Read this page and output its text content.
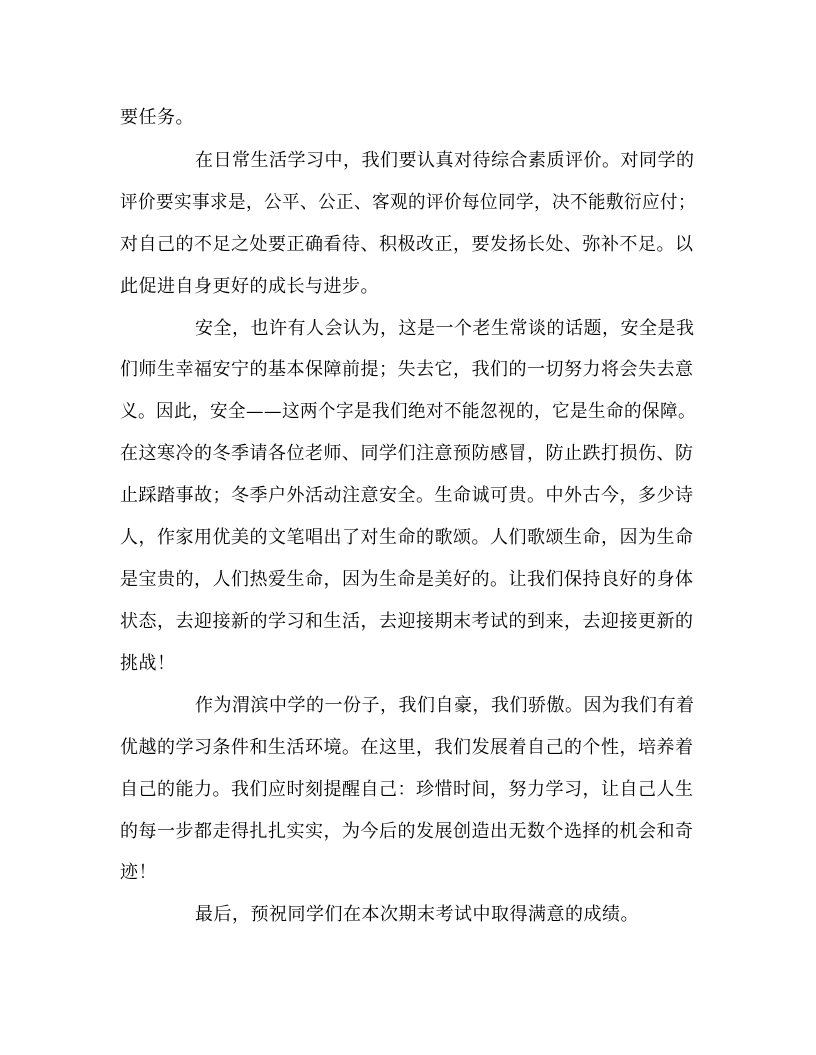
要任务。
在日常生活学习中，我们要认真对待综合素质评价。对同学的
评价要实事求是，公平、公正、客观的评价每位同学，决不能敷衍应付；
对自己的不足之处要正确看待、积极改正，要发扬长处、弥补不足。以
此促进自身更好的成长与进步。
安全，也许有人会认为，这是一个老生常谈的话题，安全是我
们师生幸福安宁的基本保障前提；失去它，我们的一切努力将会失去意
义。因此，安全——这两个字是我们绝对不能忽视的，它是生命的保障。
在这寒冷的冬季请各位老师、同学们注意预防感冒，防止跌打损伤、防
止踩踏事故；冬季户外活动注意安全。生命诚可贵。中外古今，多少诗
人，作家用优美的文笔唱出了对生命的歌颂。人们歌颂生命，因为生命
是宝贵的，人们热爱生命，因为生命是美好的。让我们保持良好的身体
状态，去迎接新的学习和生活，去迎接期末考试的到来，去迎接更新的
挑战！
作为渭滨中学的一份子，我们自豪，我们骄傲。因为我们有着
优越的学习条件和生活环境。在这里，我们发展着自己的个性，培养着
自己的能力。我们应时刻提醒自己：珍惜时间，努力学习，让自己人生
的每一步都走得扎扎实实，为今后的发展创造出无数个选择的机会和奇
迹！
最后，预祝同学们在本次期末考试中取得满意的成绩。
